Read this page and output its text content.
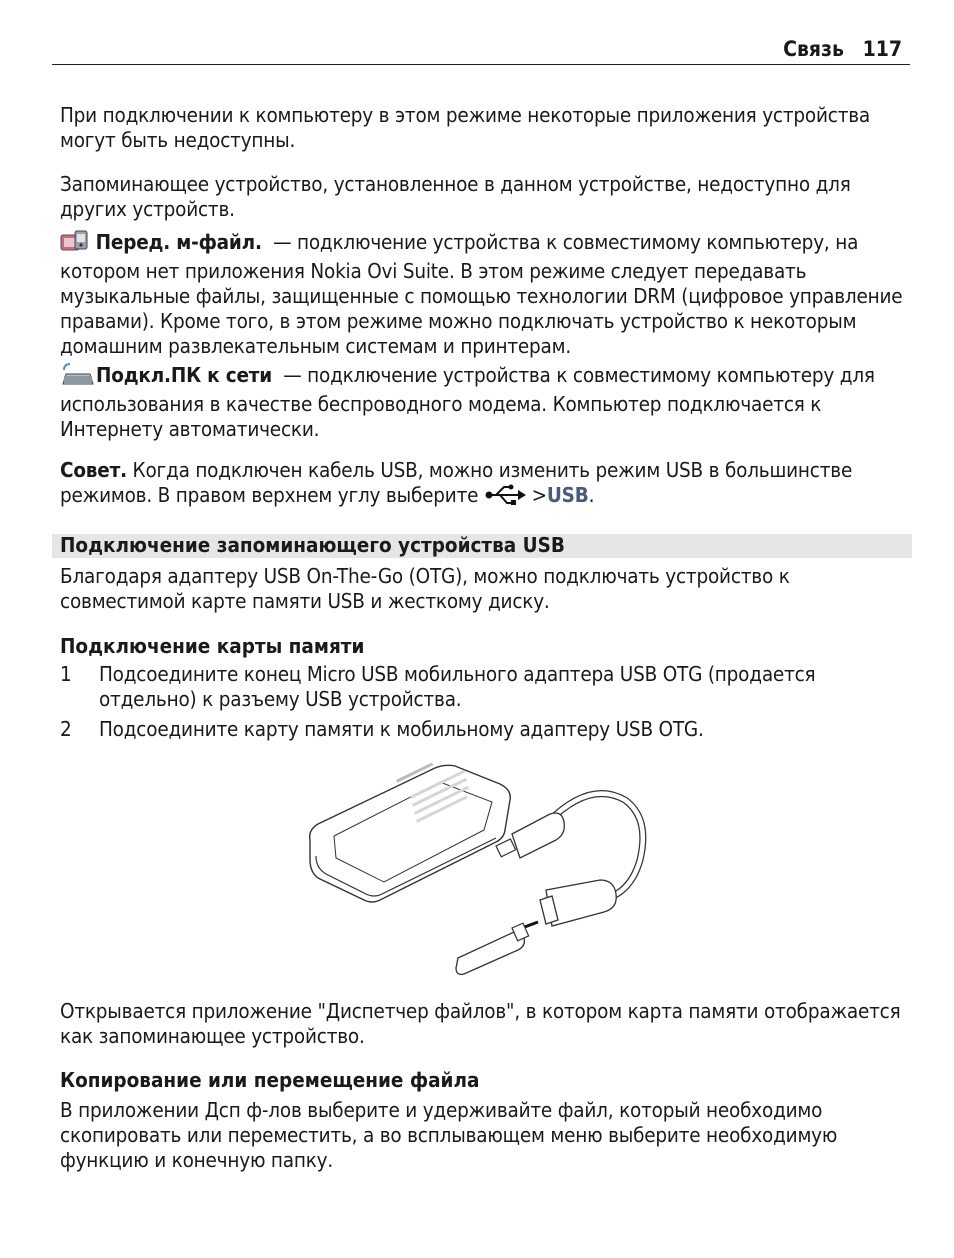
Связь 117
При подключении к компьютеру в этом режиме некоторые приложения устройства могут быть недоступны.
Запоминающее устройство, установленное в данном устройстве, недоступно для других устройств.
Перед. м-файл. — подключение устройства к совместимому компьютеру, на котором нет приложения Nokia Ovi Suite. В этом режиме следует передавать музыкальные файлы, защищенные с помощью технологии DRM (цифровое управление правами). Кроме того, в этом режиме можно подключать устройство к некоторым домашним развлекательным системам и принтерам.
Подкл.ПК к сети — подключение устройства к совместимому компьютеру для использования в качестве беспроводного модема. Компьютер подключается к Интернету автоматически.
Совет. Когда подключен кабель USB, можно изменить режим USB в большинстве режимов. В правом верхнем углу выберите	>USB.
Подключение запоминающего устройства USB
Благодаря адаптеру USB On-The-Go (OTG), можно подключать устройство к совместимой карте памяти USB и жесткому диску.
Подключение карты памяти
1 Подсоедините конец Micro USB мобильного адаптера USB OTG (продается отдельно) к разъему USB устройства.
2 Подсоедините карту памяти к мобильному адаптеру USB OTG.
Открывается приложение "Диспетчер файлов", в котором карта памяти отображается как запоминающее устройство.
Копирование или перемещение файла
В приложении Дсп ф-лов выберите и удерживайте файл, который необходимо скопировать или переместить, а во всплывающем меню выберите необходимую функцию и конечную папку.
